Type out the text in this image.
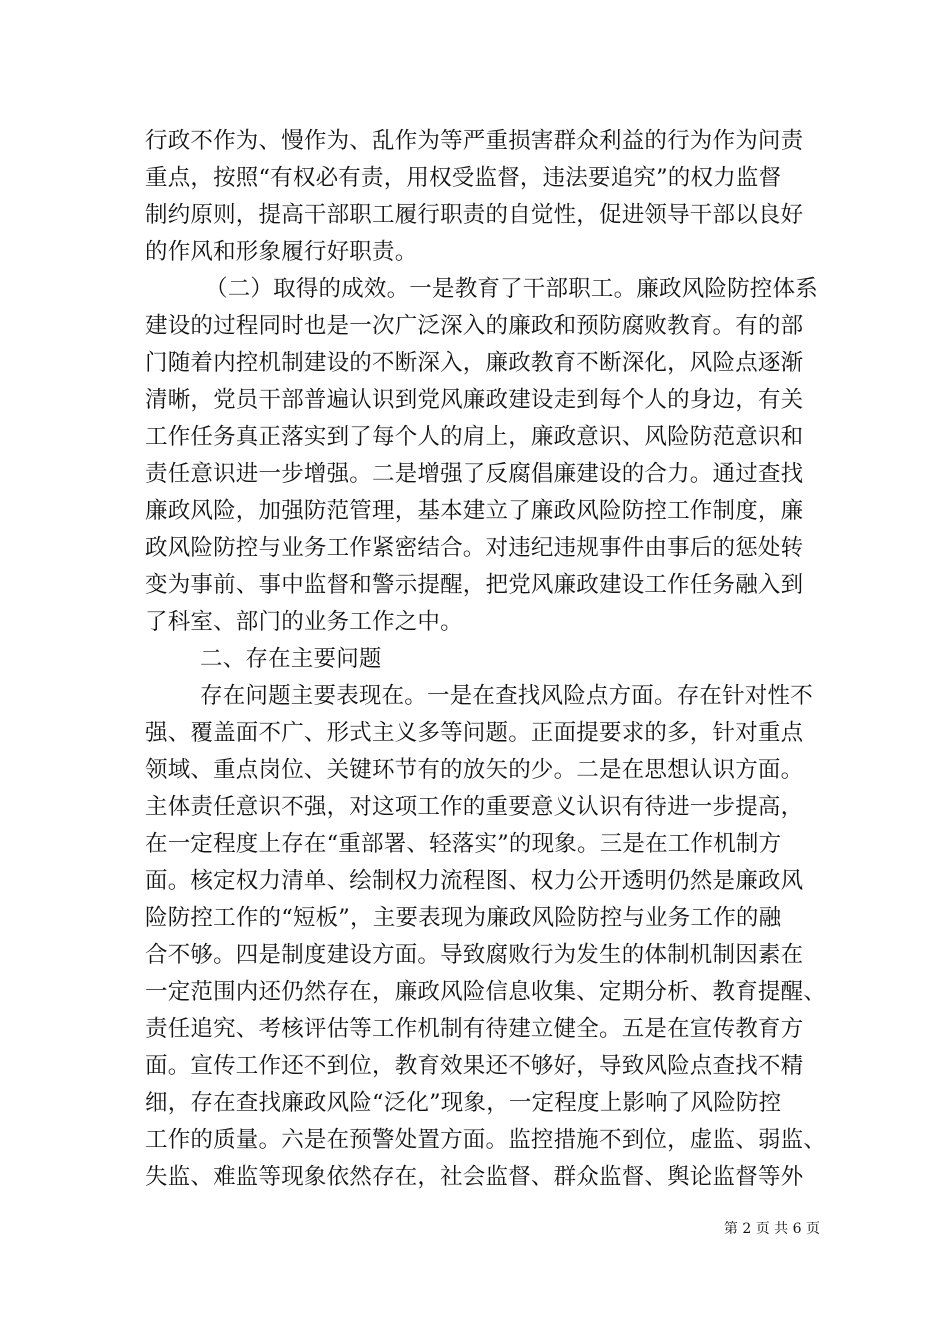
行政不作为、慢作为、乱作为等严重损害群众利益的行为作为问责
重点，按照“有权必有责，用权受监督，违法要追究”的权力监督
制约原则，提高干部职工履行职责的自觉性，促进领导干部以良好
的作风和形象履行好职责。
（二）取得的成效。一是教育了干部职工。廉政风险防控体系
建设的过程同时也是一次广泛深入的廉政和预防腐败教育。有的部
门随着内控机制建设的不断深入，廉政教育不断深化，风险点逐渐
清晰，党员干部普遍认识到党风廉政建设走到每个人的身边，有关
工作任务真正落实到了每个人的肩上，廉政意识、风险防范意识和
责任意识进一步增强。二是增强了反腐倡廉建设的合力。通过查找
廉政风险，加强防范管理，基本建立了廉政风险防控工作制度，廉
政风险防控与业务工作紧密结合。对违纪违规事件由事后的惩处转
变为事前、事中监督和警示提醒，把党风廉政建设工作任务融入到
了科室、部门的业务工作之中。
二、存在主要问题
存在问题主要表现在。一是在查找风险点方面。存在针对性不
强、覆盖面不广、形式主义多等问题。正面提要求的多，针对重点
领域、重点岗位、关键环节有的放矢的少。二是在思想认识方面。
主体责任意识不强，对这项工作的重要意义认识有待进一步提高，
在一定程度上存在“重部署、轻落实”的现象。三是在工作机制方
面。核定权力清单、绘制权力流程图、权力公开透明仍然是廉政风
险防控工作的“短板”，主要表现为廉政风险防控与业务工作的融
合不够。四是制度建设方面。导致腐败行为发生的体制机制因素在
一定范围内还仍然存在，廉政风险信息收集、定期分析、教育提醒、
责任追究、考核评估等工作机制有待建立健全。五是在宣传教育方
面。宣传工作还不到位，教育效果还不够好，导致风险点查找不精
细，存在查找廉政风险“泛化”现象，一定程度上影响了风险防控
工作的质量。六是在预警处置方面。监控措施不到位，虚监、弱监、
失监、难监等现象依然存在，社会监督、群众监督、舆论监督等外
第 2 页 共 6 页
